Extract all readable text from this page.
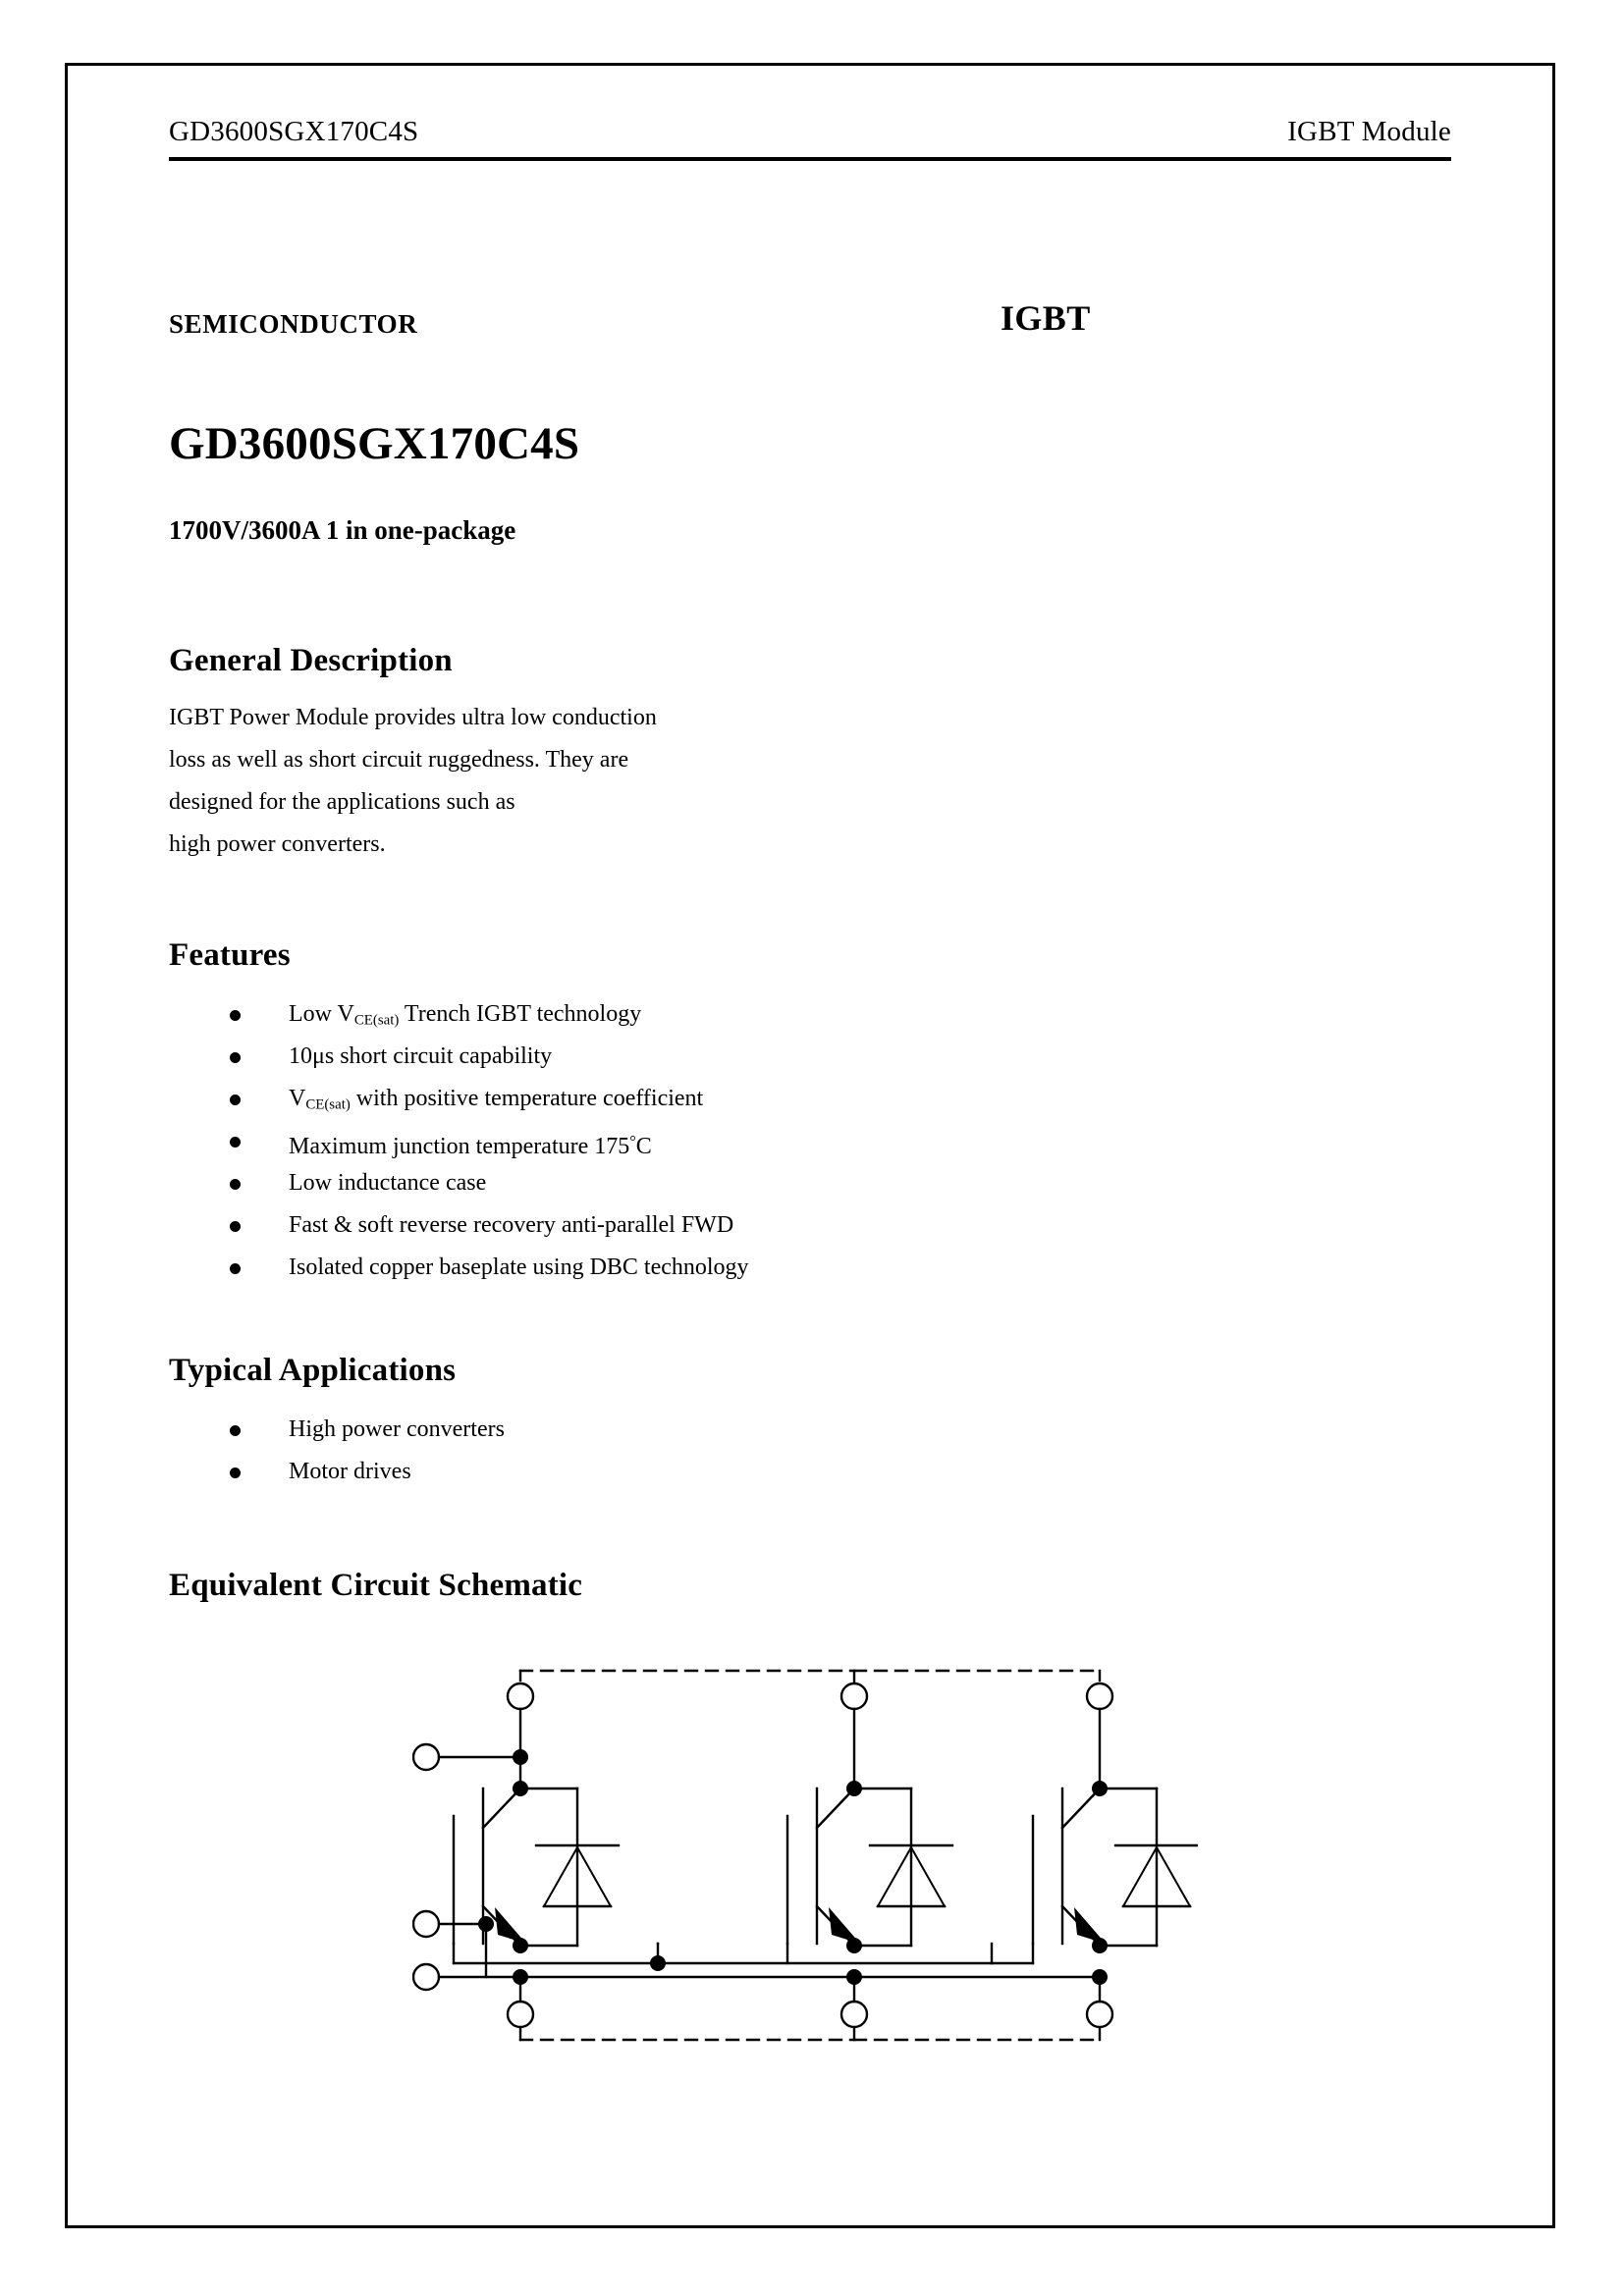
GD3600SGX170C4S	IGBT Module
SEMICONDUCTOR	IGBT
GD3600SGX170C4S
1700V/3600A 1 in one-package
General Description
IGBT Power Module provides ultra low conduction
loss as well as short circuit ruggedness. They are
designed for the applications such as
high power converters.
Features
Low $V_{CE(sat)}$ Trench IGBT technology
10μs short circuit capability
$V_{CE(sat)}$ with positive temperature coefficient
Maximum junction temperature 175°C
Low inductance case
Fast & soft reverse recovery anti-parallel FWD
Isolated copper baseplate using DBC technology
Typical Applications
High power converters
Motor drives
Equivalent Circuit Schematic
